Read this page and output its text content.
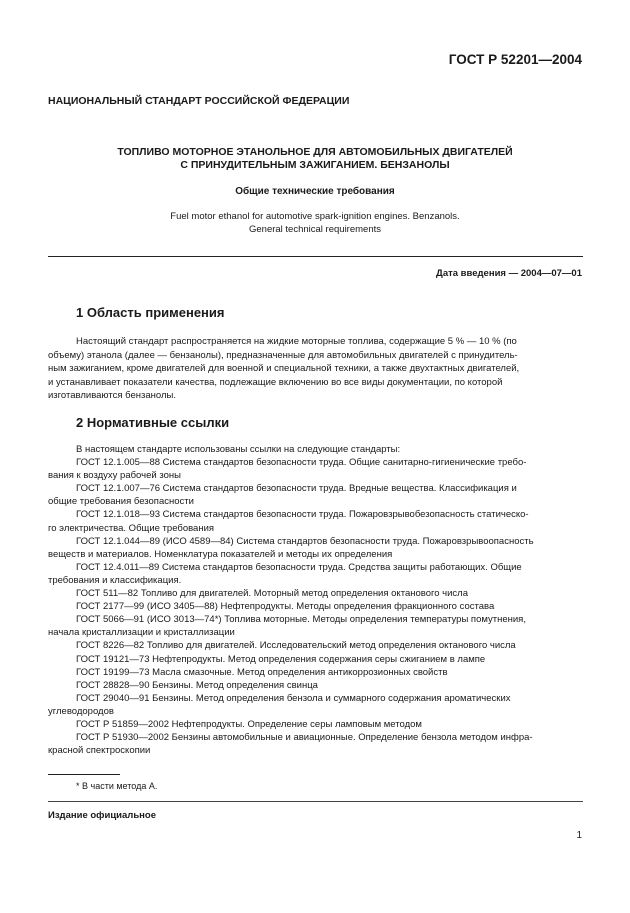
ГОСТ Р 52201—2004
НАЦИОНАЛЬНЫЙ СТАНДАРТ РОССИЙСКОЙ ФЕДЕРАЦИИ
ТОПЛИВО МОТОРНОЕ ЭТАНОЛЬНОЕ ДЛЯ АВТОМОБИЛЬНЫХ ДВИГАТЕЛЕЙ
С ПРИНУДИТЕЛЬНЫМ ЗАЖИГАНИЕМ. БЕНЗАНОЛЫ
Общие технические требования
Fuel motor ethanol for automotive spark-ignition engines. Benzanols.
General technical requirements
Дата введения — 2004—07—01
1 Область применения
Настоящий стандарт распространяется на жидкие моторные топлива, содержащие 5 % — 10 % (по
объему) этанола (далее — бензанолы), предназначенные для автомобильных двигателей с принудитель-
ным зажиганием, кроме двигателей для военной и специальной техники, а также двухтактных двигателей,
и устанавливает показатели качества, подлежащие включению во все виды документации, по которой
изготавливаются бензанолы.
2 Нормативные ссылки
В настоящем стандарте использованы ссылки на следующие стандарты:
ГОСТ 12.1.005—88 Система стандартов безопасности труда. Общие санитарно-гигиенические требо-
вания к воздуху рабочей зоны
ГОСТ 12.1.007—76 Система стандартов безопасности труда. Вредные вещества. Классификация и
общие требования безопасности
ГОСТ 12.1.018—93 Система стандартов безопасности труда. Пожаровзрывобезопасность статическо-
го электричества. Общие требования
ГОСТ 12.1.044—89 (ИСО 4589—84) Система стандартов безопасности труда. Пожаровзрывоопасность
веществ и материалов. Номенклатура показателей и методы их определения
ГОСТ 12.4.011—89 Система стандартов безопасности труда. Средства защиты работающих. Общие
требования и классификация.
ГОСТ 511—82 Топливо для двигателей. Моторный метод определения октанового числа
ГОСТ 2177—99 (ИСО 3405—88) Нефтепродукты. Методы определения фракционного состава
ГОСТ 5066—91 (ИСО 3013—74*) Топлива моторные. Методы определения температуры помутнения,
начала кристаллизации и кристаллизации
ГОСТ 8226—82 Топливо для двигателей. Исследовательский метод определения октанового числа
ГОСТ 19121—73 Нефтепродукты. Метод определения содержания серы сжиганием в лампе
ГОСТ 19199—73 Масла смазочные. Метод определения антикоррозионных свойств
ГОСТ 28828—90 Бензины. Метод определения свинца
ГОСТ 29040—91 Бензины. Метод определения бензола и суммарного содержания ароматических
углеводородов
ГОСТ Р 51859—2002 Нефтепродукты. Определение серы ламповым методом
ГОСТ Р 51930—2002 Бензины автомобильные и авиационные. Определение бензола методом инфра-
красной спектроскопии
* В части метода А.
Издание официальное
1
